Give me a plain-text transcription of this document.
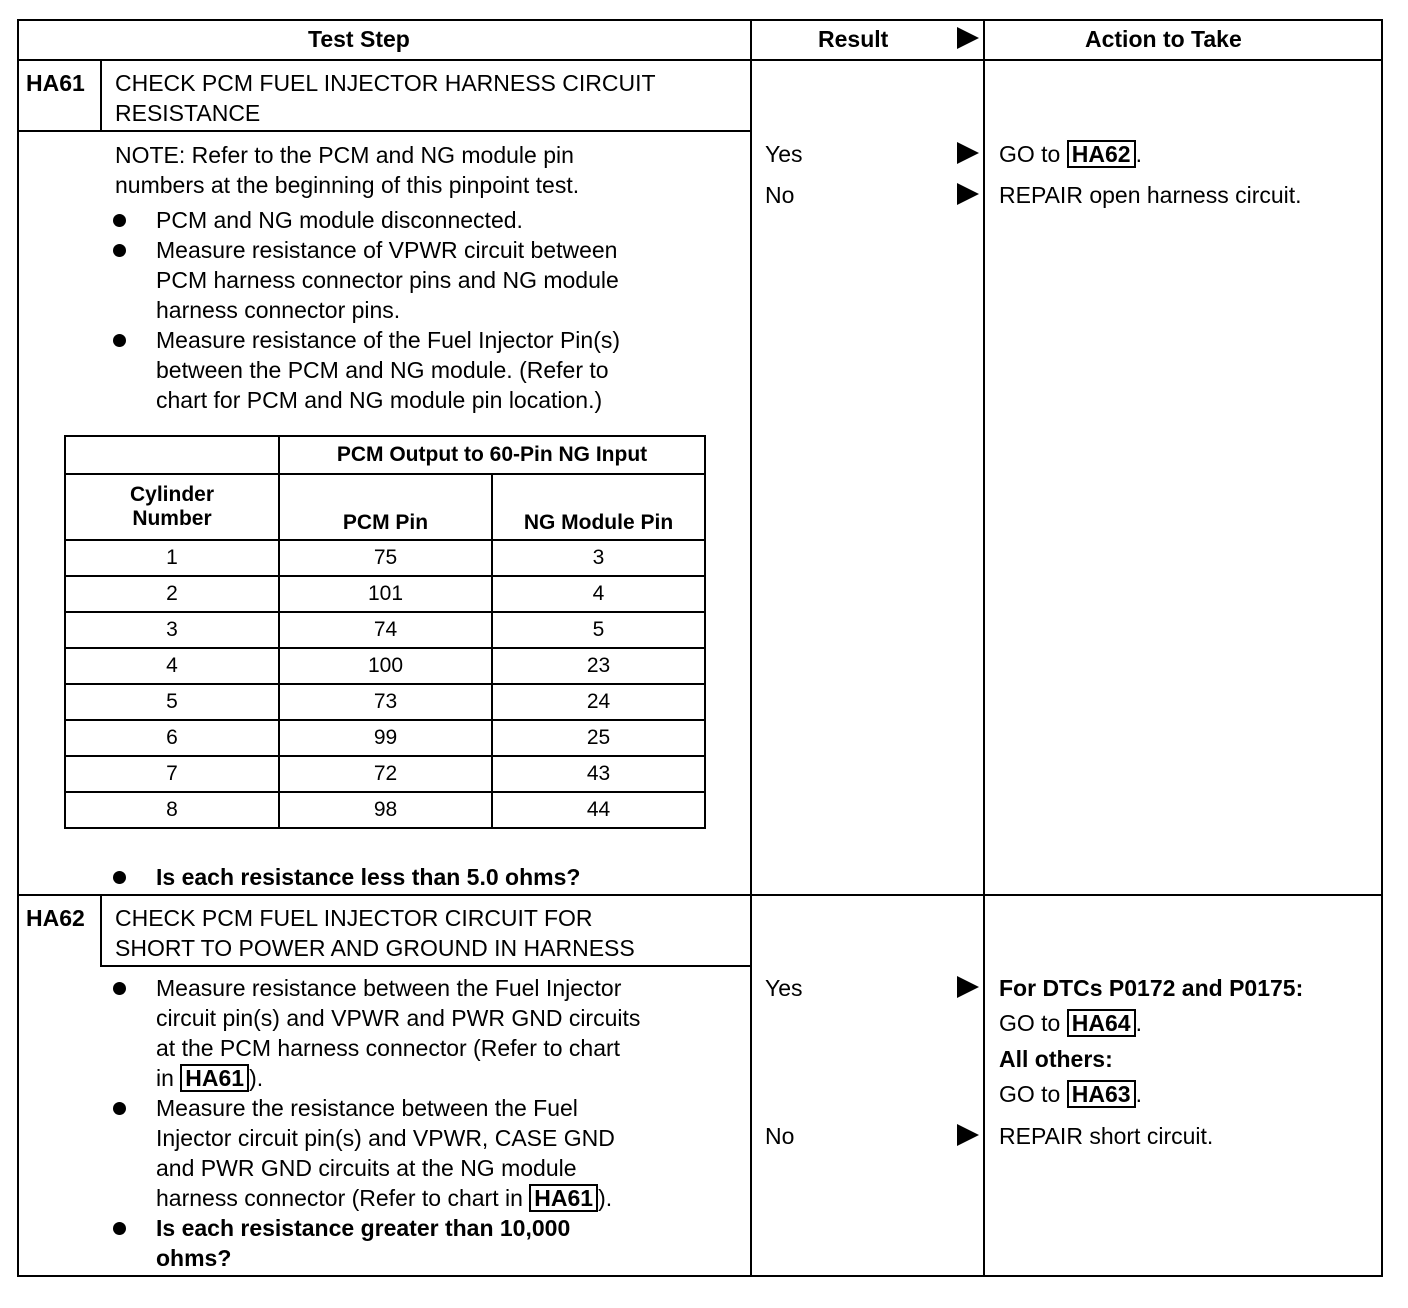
Test Step	Result	Action to Take
HA61 CHECK PCM FUEL INJECTOR HARNESS CIRCUIT
RESISTANCE
NOTE: Refer to the PCM and NG module pin
numbers at the beginning of this pinpoint test.
PCM and NG module disconnected.
Measure resistance of VPWR circuit between
PCM harness connector pins and NG module
harness connector pins.
Measure resistance of the Fuel Injector Pin(s)
between the PCM and NG module. (Refer to
chart for PCM and NG module pin location.)
	PCM Output to 60-Pin NG Input	
Cylinder
Number	PCM Pin	NG Module Pin
1	75	3
2	101	4
3	74	5
4	100	23
5	73	24
6	99	25
7	72	43
8	98	44
Is each resistance less than 5.0 ohms?
Yes	GO to HA62 .
No	REPAIR open harness circuit.
HA62 CHECK PCM FUEL INJECTOR CIRCUIT FOR
SHORT TO POWER AND GROUND IN HARNESS
Measure resistance between the Fuel Injector
circuit pin(s) and VPWR and PWR GND circuits
at the PCM harness connector (Refer to chart
in HA61 ).
Measure the resistance between the Fuel
Injector circuit pin(s) and VPWR, CASE GND
and PWR GND circuits at the NG module
harness connector (Refer to chart in HA61 ).
Is each resistance greater than 10,000
ohms?
Yes	For DTCs P0172 and P0175:
GO to HA64 .
All others:
GO to HA63 .
No	REPAIR short circuit.
